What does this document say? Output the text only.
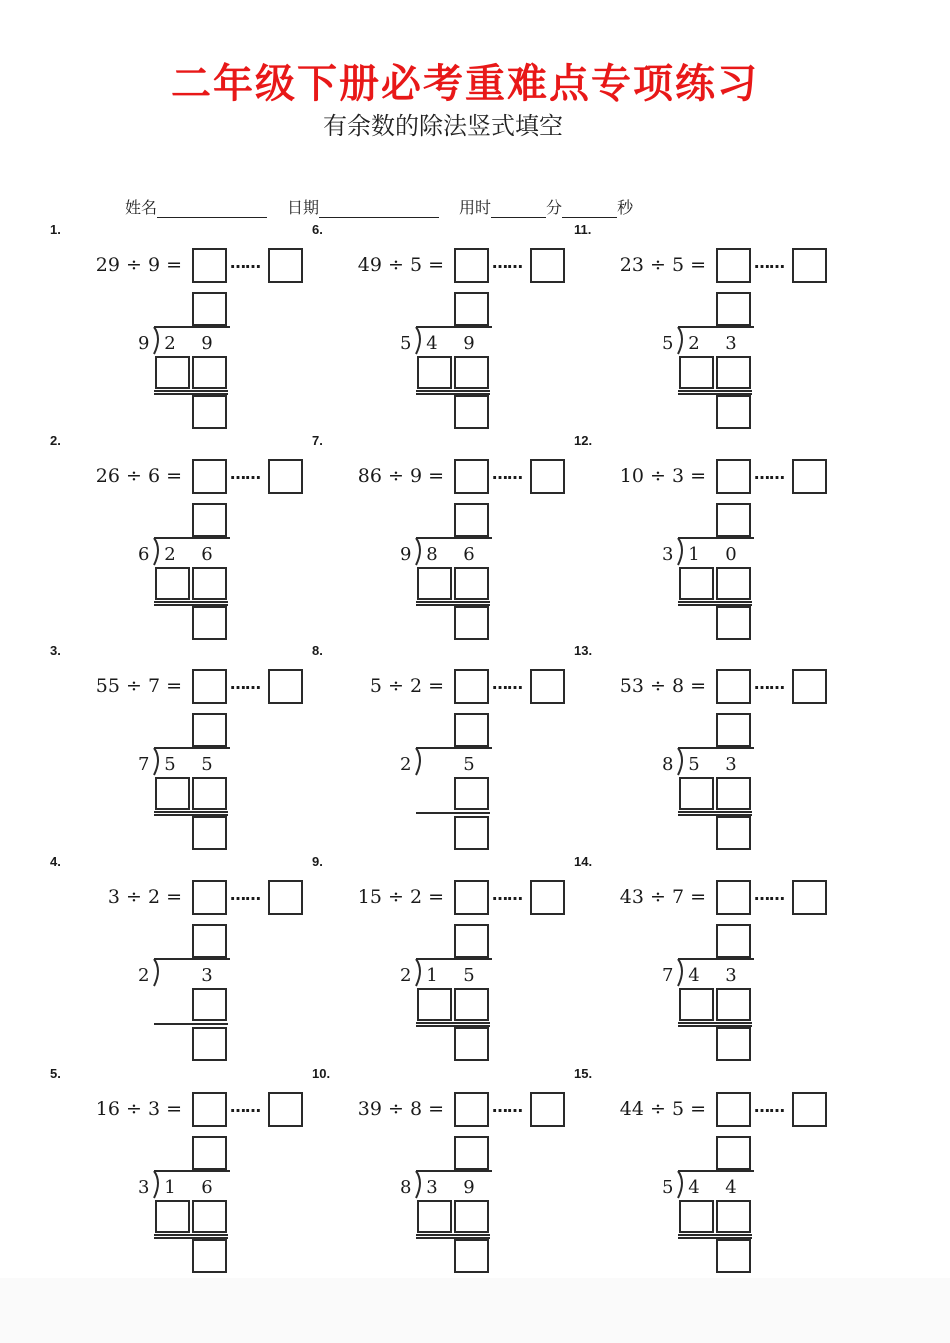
二年级下册必考重难点专项练习
有余数的除法竖式填空
姓名	日期	用时	分	秒
1.
29 ÷ 9 =	……
9 2	9
2.
26 ÷ 6 =	……
6 2	6
3.
55 ÷ 7 =	……
7 5	5
4.
3 ÷ 2 =	……
2	3
5.
16 ÷ 3 =	……
3 1	6
6.
49 ÷ 5 =	……
5 4	9
7.
86 ÷ 9 =	……
9 8	6
8.
5 ÷ 2 =	……
2	5
9.
15 ÷ 2 =	……
2 1	5
10.
39 ÷ 8 =	……
8 3	9
11.
23 ÷ 5 =	……
5 2	3
12.
10 ÷ 3 =	……
3 1	0
13.
53 ÷ 8 =	……
8 5	3
14.
43 ÷ 7 =	……
7 4	3
15.
44 ÷ 5 =	……
5 4	4
